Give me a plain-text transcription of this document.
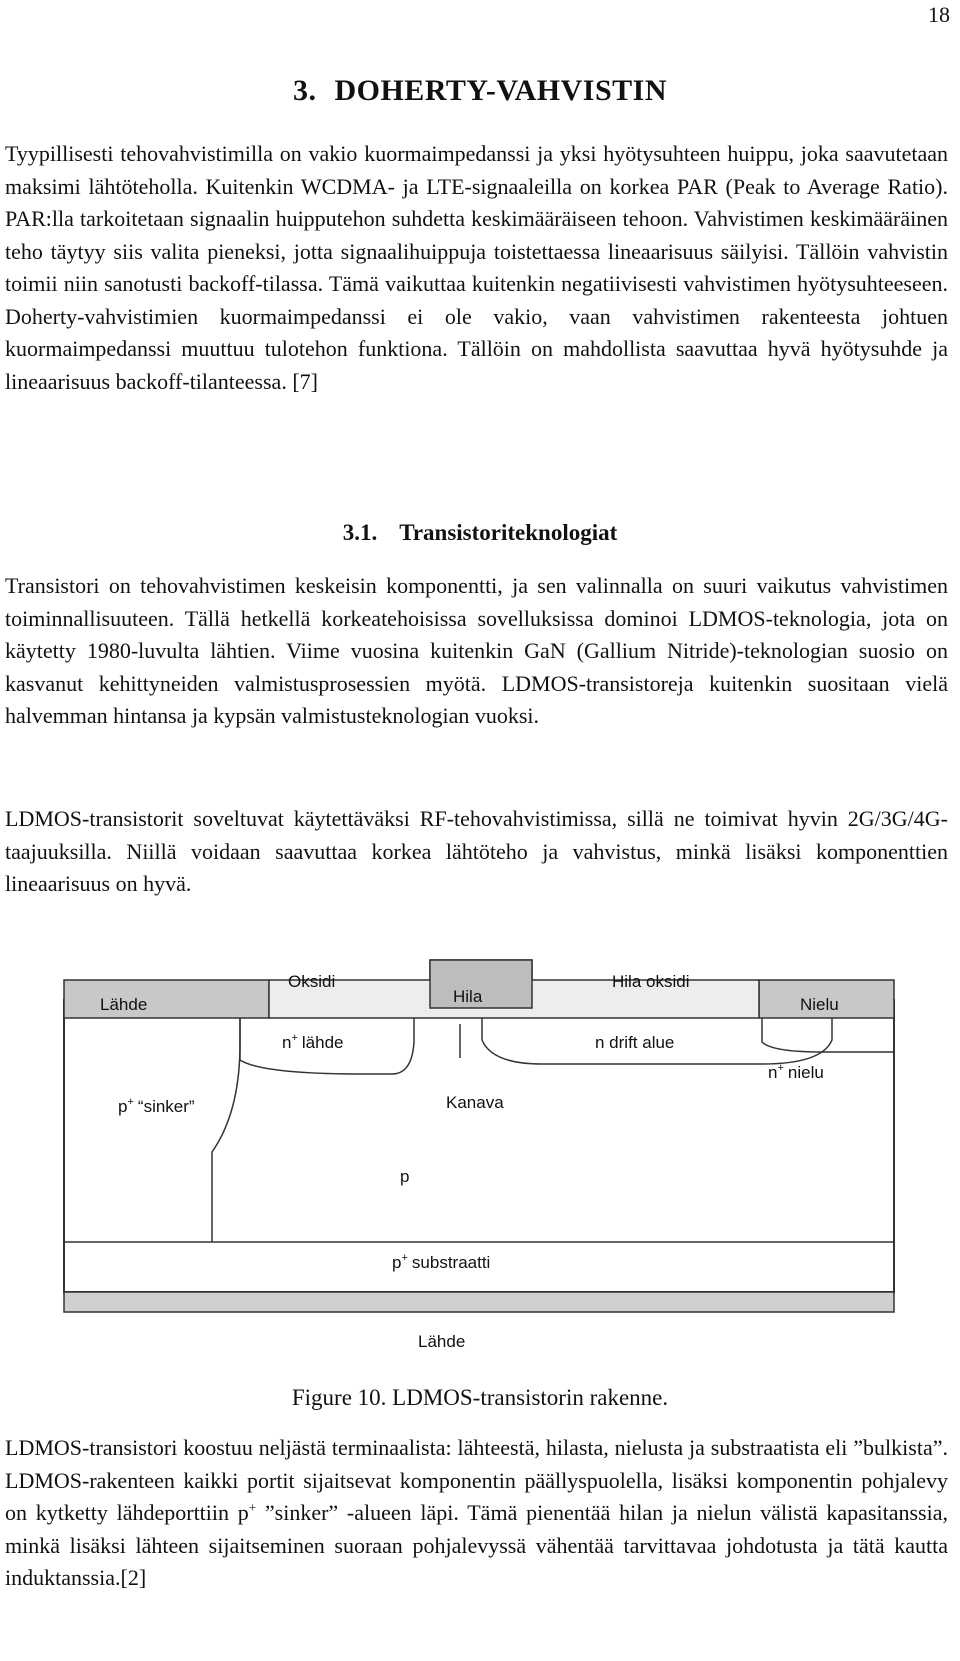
18
3. DOHERTY-VAHVISTIN

Tyypillisesti tehovahvistimilla on vakio kuormaimpedanssi ja yksi hyötysuhteen huippu, joka saavutetaan maksimi lähtöteholla. Kuitenkin WCDMA- ja LTE-signaaleilla on korkea PAR (Peak to Average Ratio). PAR:lla tarkoitetaan signaalin huipputehon suhdetta keskimääräiseen tehoon. Vahvistimen keskimääräinen teho täytyy siis valita pieneksi, jotta signaalihuippuja toistettaessa lineaarisuus säilyisi. Tällöin vahvistin toimii niin sanotusti backoff-tilassa. Tämä vaikuttaa kuitenkin negatiivisesti vahvistimen hyötysuhteeseen. Doherty-vahvistimien kuormaimpedanssi ei ole vakio, vaan vahvistimen rakenteesta johtuen kuormaimpedanssi muuttuu tulotehon funktiona. Tällöin on mahdollista saavuttaa hyvä hyötysuhde ja lineaarisuus backoff-tilanteessa. [7]

3.1. Transistoriteknologiat

Transistori on tehovahvistimen keskeisin komponentti, ja sen valinnalla on suuri vaikutus vahvistimen toiminnallisuuteen. Tällä hetkellä korkeatehoisissa sovelluksissa dominoi LDMOS-teknologia, jota on käytetty 1980-luvulta lähtien. Viime vuosina kuitenkin GaN (Gallium Nitride)-teknologian suosio on kasvanut kehittyneiden valmistusprosessien myötä. LDMOS-transistoreja kuitenkin suositaan vielä halvemman hintansa ja kypsän valmistusteknologian vuoksi.

LDMOS-transistorit soveltuvat käytettäväksi RF-tehovahvistimissa, sillä ne toimivat hyvin 2G/3G/4G-taajuuksilla. Niillä voidaan saavuttaa korkea lähtöteho ja vahvistus, minkä lisäksi komponenttien lineaarisuus on hyvä.

Oksidi
Lähde	Hila
Hila oksidi
Nielu
n+ lähde	n drift alue
n+ nielu
p+ “sinker”	Kanava
p
p+ substraatti
Lähde
Figure 10. LDMOS-transistorin rakenne.

LDMOS-transistori koostuu neljästä terminaalista: lähteestä, hilasta, nielusta ja substraatista eli ”bulkista”. LDMOS-rakenteen kaikki portit sijaitsevat komponentin päällyspuolella, lisäksi komponentin pohjalevy on kytketty lähdeporttiin p+ ”sinker” -alueen läpi. Tämä pienentää hilan ja nielun välistä kapasitanssia, minkä lisäksi lähteen sijaitseminen suoraan pohjalevyssä vähentää tarvittavaa johdotusta ja tätä kautta induktanssia.[2]
